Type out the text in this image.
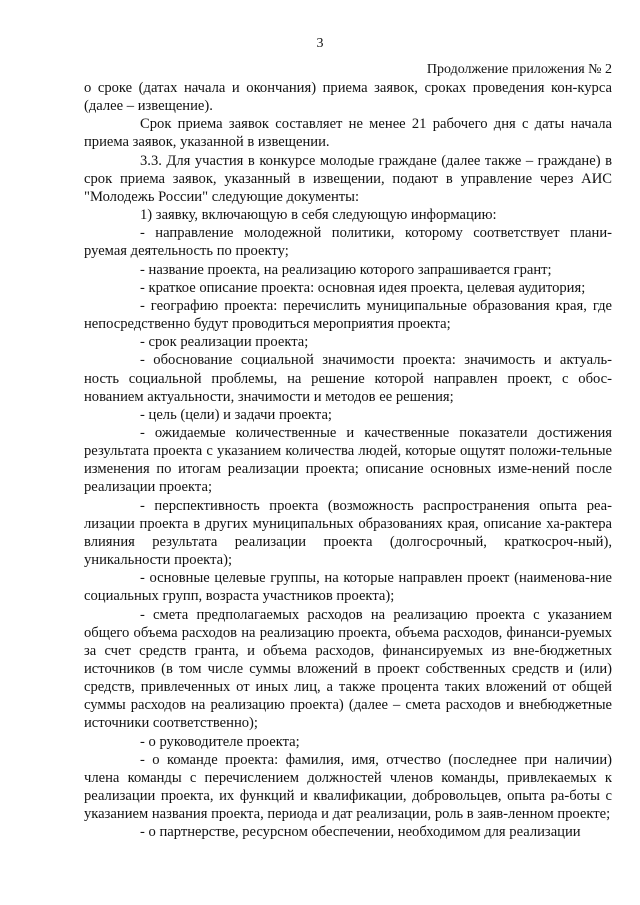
3
Продолжение приложения № 2

о сроке (датах начала и окончания) приема заявок, сроках проведения кон-курса (далее – извещение).

Срок приема заявок составляет не менее 21 рабочего дня с даты начала приема заявок, указанной в извещении.

3.3. Для участия в конкурсе молодые граждане (далее также – граждане) в срок приема заявок, указанный в извещении, подают в управление через АИС "Молодежь России" следующие документы:

1) заявку, включающую в себя следующую информацию:

- направление молодежной политики, которому соответствует плани-руемая деятельность по проекту;

- название проекта, на реализацию которого запрашивается грант;

- краткое описание проекта: основная идея проекта, целевая аудитория;

- географию проекта: перечислить муниципальные образования края, где непосредственно будут проводиться мероприятия проекта;

- срок реализации проекта;

- обоснование социальной значимости проекта: значимость и актуаль-ность социальной проблемы, на решение которой направлен проект, с обос-нованием актуальности, значимости и методов ее решения;

- цель (цели) и задачи проекта;

- ожидаемые количественные и качественные показатели достижения результата проекта с указанием количества людей, которые ощутят положи-тельные изменения по итогам реализации проекта; описание основных изме-нений после реализации проекта;

- перспективность проекта (возможность распространения опыта реа-лизации проекта в других муниципальных образованиях края, описание ха-рактера влияния результата реализации проекта (долгосрочный, краткосроч-ный), уникальности проекта);

- основные целевые группы, на которые направлен проект (наименова-ние социальных групп, возраста участников проекта);

- смета предполагаемых расходов на реализацию проекта с указанием общего объема расходов на реализацию проекта, объема расходов, финанси-руемых за счет средств гранта, и объема расходов, финансируемых из вне-бюджетных источников (в том числе суммы вложений в проект собственных средств и (или) средств, привлеченных от иных лиц, а также процента таких вложений от общей суммы расходов на реализацию проекта) (далее – смета расходов и внебюджетные источники соответственно);

- о руководителе проекта;

- о команде проекта: фамилия, имя, отчество (последнее при наличии) члена команды с перечислением должностей членов команды, привлекаемых к реализации проекта, их функций и квалификации, добровольцев, опыта ра-боты с указанием названия проекта, периода и дат реализации, роль в заяв-ленном проекте;

- о партнерстве, ресурсном обеспечении, необходимом для реализации
